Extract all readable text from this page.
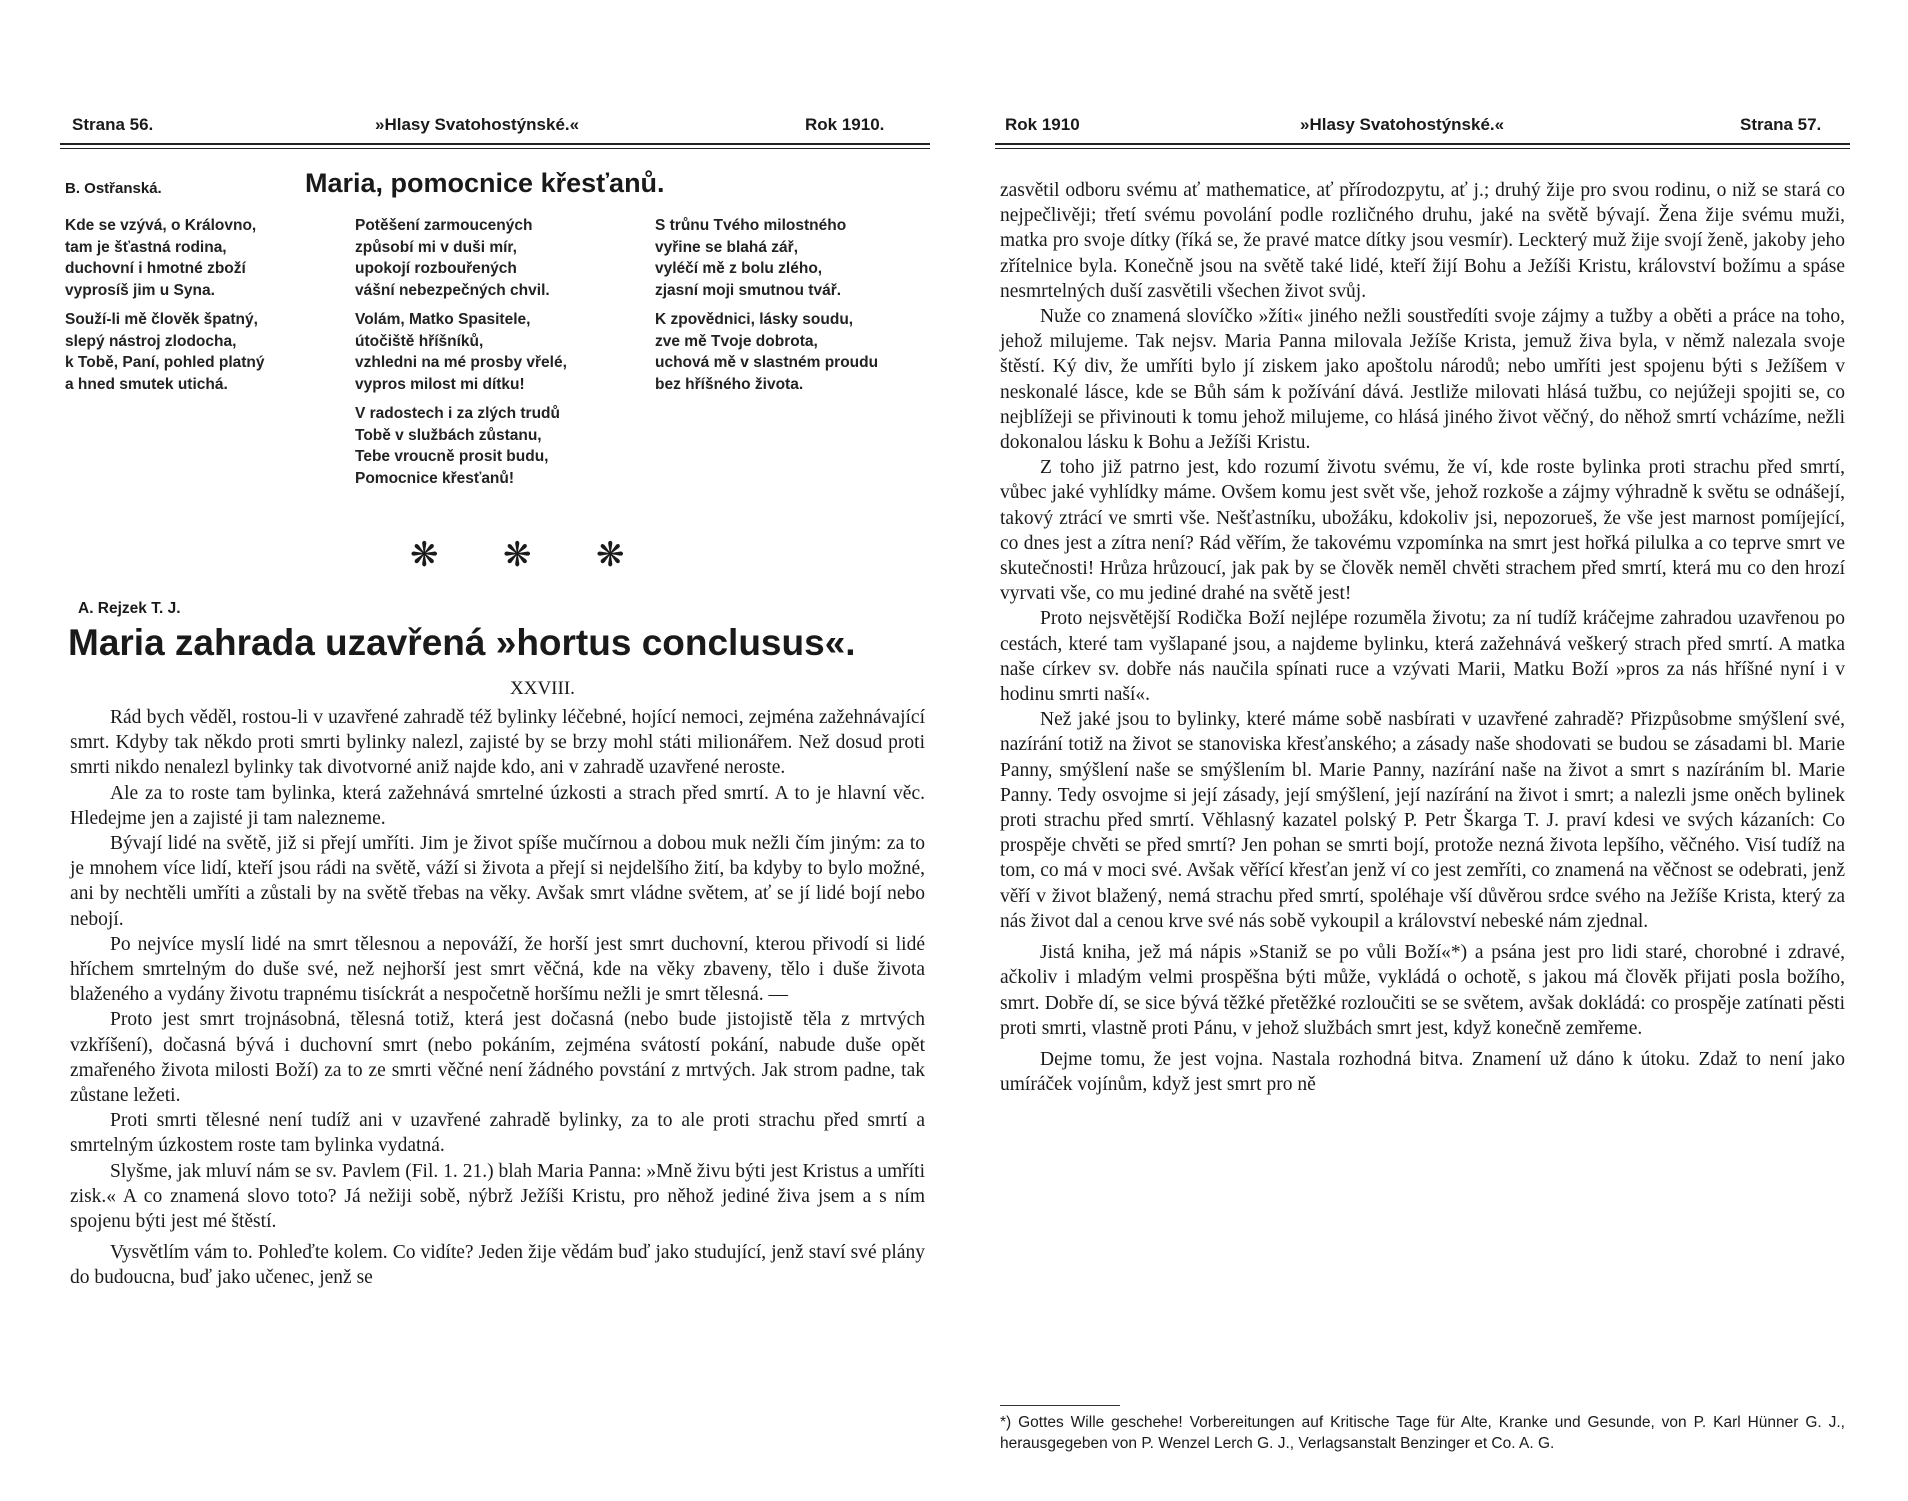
Strana 56.	»Hlasy Svatohostýnské.«	Rok 1910.
B. Ostřanská.	Maria, pomocnice křesťanů.
Kde se vzývá, o Královno,
tam je šťastná rodina,
duchovní i hmotné zboží
vyprosíš jim u Syna.
Souží-li mě člověk špatný,
slepý nástroj zlodocha,
k Tobě, Paní, pohled platný
a hned smutek utichá.
Potěšení zarmoucených
způsobí mi v duši mír,
upokojí rozbouřených
vášní nebezpečných chvil.
Volám, Matko Spasitele,
útočiště hříšníků,
vzhledni na mé prosby vřelé,
vypros milost mi dítku!
V radostech i za zlých trudů
Tobě v službách zůstanu,
Tebe vroucně prosit budu,
Pomocnice křesťanů!
S trůnu Tvého milostného
vyřine se blahá zář,
vyléčí mě z bolu zlého,
zjasní moji smutnou tvář.
K zpovědnici, lásky soudu,
zve mě Tvoje dobrota,
uchová mě v slastném proudu
bez hříšného života.
❋ ❋ ❋
A. Rejzek T. J.
Maria zahrada uzavřená »hortus conclusus«.
XXVIII.

Rád bych věděl, rostou-li v uzavřené zahradě též bylinky léčebné, hojící nemoci, zejména zažehnávající smrt. Kdyby tak někdo proti smrti bylinky nalezl, zajisté by se brzy mohl státi milionářem. Než dosud proti smrti nikdo nenalezl bylinky tak divotvorné aniž najde kdo, ani v zahradě uzavřené neroste.

Ale za to roste tam bylinka, která zažehnává smrtelné úzkosti a strach před smrtí. A to je hlavní věc. Hledejme jen a zajisté ji tam nalezneme.

Bývají lidé na světě, již si přejí umříti. Jim je život spíše mučírnou a dobou muk nežli čím jiným: za to je mnohem více lidí, kteří jsou rádi na světě, váží si života a přejí si nejdelšího žití, ba kdyby to bylo možné, ani by nechtěli umříti a zůstali by na světě třebas na věky. Avšak smrt vládne světem, ať se jí lidé bojí nebo nebojí.

Po nejvíce myslí lidé na smrt tělesnou a nepováží, že horší jest smrt duchovní, kterou přivodí si lidé hříchem smrtelným do duše své, než nejhorší jest smrt věčná, kde na věky zbaveny, tělo i duše života blaženého a vydány životu trapnému tisíckrát a nespočetně horšímu nežli je smrt tělesná. —

Proto jest smrt trojnásobná, tělesná totiž, která jest dočasná (nebo bude jistojistě těla z mrtvých vzkříšení), dočasná bývá i duchovní smrt (nebo pokáním, zejména svátostí pokání, nabude duše opět zmařeného života milosti Boží) za to ze smrti věčné není žádného povstání z mrtvých. Jak strom padne, tak zůstane ležeti.

Proti smrti tělesné není tudíž ani v uzavřené zahradě bylinky, za to ale proti strachu před smrtí a smrtelným úzkostem roste tam bylinka vydatná.

Slyšme, jak mluví nám se sv. Pavlem (Fil. 1. 21.) blah Maria Panna: »Mně živu býti jest Kristus a umříti zisk.« A co znamená slovo toto? Já nežiji sobě, nýbrž Ježíši Kristu, pro něhož jediné živa jsem a s ním spojenu býti jest mé štěstí.

Vysvětlím vám to. Pohleďte kolem. Co vidíte? Jeden žije vědám buď jako studující, jenž staví své plány do budoucna, buď jako učenec, jenž se

Rok 1910	»Hlasy Svatohostýnské.«	Strana 57.

zasvětil odboru svému ať mathematice, ať přírodozpytu, ať j.; druhý žije pro svou rodinu, o niž se stará co nejpečlivěji; třetí svému povolání podle rozličného druhu, jaké na světě bývají. Žena žije svému muži, matka pro svoje dítky (říká se, že pravé matce dítky jsou vesmír). Leckterý muž žije svojí ženě, jakoby jeho zřítelnice byla. Konečně jsou na světě také lidé, kteří žijí Bohu a Ježíši Kristu, království božímu a spáse nesmrtelných duší zasvětili všechen život svůj.

Nuže co znamená slovíčko »žíti« jiného nežli soustředíti svoje zájmy a tužby a oběti a práce na toho, jehož milujeme. Tak nejsv. Maria Panna milovala Ježíše Krista, jemuž živa byla, v němž nalezala svoje štěstí. Ký div, že umříti bylo jí ziskem jako apoštolu národů; nebo umříti jest spojenu býti s Ježíšem v neskonalé lásce, kde se Bůh sám k požívání dává. Jestliže milovati hlásá tužbu, co nejúžeji spojiti se, co nejblížeji se přivinouti k tomu jehož milujeme, co hlásá jiného život věčný, do něhož smrtí vcházíme, nežli dokonalou lásku k Bohu a Ježíši Kristu.

Z toho již patrno jest, kdo rozumí životu svému, že ví, kde roste bylinka proti strachu před smrtí, vůbec jaké vyhlídky máme. Ovšem komu jest svět vše, jehož rozkoše a zájmy výhradně k světu se odnášejí, takový ztrácí ve smrti vše. Nešťastníku, ubožáku, kdokoliv jsi, nepozorueš, že vše jest marnost pomíjející, co dnes jest a zítra není? Rád věřím, že takovému vzpomínka na smrt jest hořká pilulka a co teprve smrt ve skutečnosti! Hrůza hrůzoucí, jak pak by se člověk neměl chvěti strachem před smrtí, která mu co den hrozí vyrvati vše, co mu jediné drahé na světě jest!

Proto nejsvětější Rodička Boží nejlépe rozuměla životu; za ní tudíž kráčejme zahradou uzavřenou po cestách, které tam vyšlapané jsou, a najdeme bylinku, která zažehnává veškerý strach před smrtí. A matka naše církev sv. dobře nás naučila spínati ruce a vzývati Marii, Matku Boží »pros za nás hříšné nyní i v hodinu smrti naší«.

Než jaké jsou to bylinky, které máme sobě nasbírati v uzavřené zahradě? Přizpůsobme smýšlení své, nazírání totiž na život se stanoviska křesťanského; a zásady naše shodovati se budou se zásadami bl. Marie Panny, smýšlení naše se smýšlením bl. Marie Panny, nazírání naše na život a smrt s nazíráním bl. Marie Panny. Tedy osvojme si její zásady, její smýšlení, její nazírání na život i smrt; a nalezli jsme oněch bylinek proti strachu před smrtí. Věhlasný kazatel polský P. Petr Škarga T. J. praví kdesi ve svých kázaních: Co prospěje chvěti se před smrtí? Jen pohan se smrti bojí, protože nezná života lepšího, věčného. Visí tudíž na tom, co má v moci své. Avšak věřící křesťan jenž ví co jest zemříti, co znamená na věčnost se odebrati, jenž věří v život blažený, nemá strachu před smrtí, spoléhaje vší důvěrou srdce svého na Ježíše Krista, který za nás život dal a cenou krve své nás sobě vykoupil a království nebeské nám zjednal.

Jistá kniha, jež má nápis »Staniž se po vůli Boží«*) a psána jest pro lidi staré, chorobné i zdravé, ačkoliv i mladým velmi prospěšna býti může, vykládá o ochotě, s jakou má člověk přijati posla božího, smrt. Dobře dí, se sice bývá těžké přetěžké rozloučiti se se světem, avšak dokládá: co prospěje zatínati pěsti proti smrti, vlastně proti Pánu, v jehož službách smrt jest, když konečně zemřeme.

Dejme tomu, že jest vojna. Nastala rozhodná bitva. Znamení už dáno k útoku. Zdaž to není jako umíráček vojínům, když jest smrt pro ně

*) Gottes Wille geschehe! Vorbereitungen auf Kritische Tage für Alte, Kranke und Gesunde, von P. Karl Hünner G. J., herausgegeben von P. Wenzel Lerch G. J., Verlagsanstalt Benzinger et Co. A. G.
